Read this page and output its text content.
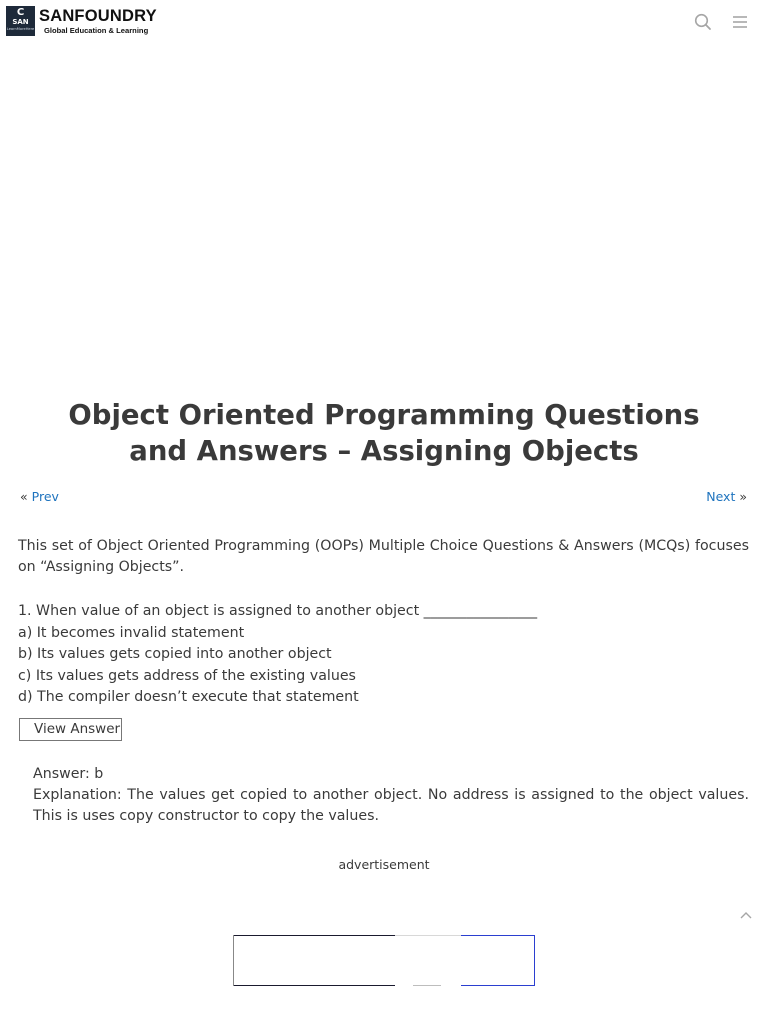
C
SAN
LearnMoreHere
SANFOUNDRY
Global Education & Learning
Object Oriented Programming Questions and Answers – Assigning Objects
« Prev	Next »

This set of Object Oriented Programming (OOPs) Multiple Choice Questions & Answers (MCQs) focuses on “Assigning Objects”.

1. When value of an object is assigned to another object ________________
a) It becomes invalid statement
b) Its values gets copied into another object
c) Its values gets address of the existing values
d) The compiler doesn’t execute that statement
View Answer

Answer: b

Explanation: The values get copied to another object. No address is assigned to the object values. This is uses copy constructor to copy the values.

advertisement
